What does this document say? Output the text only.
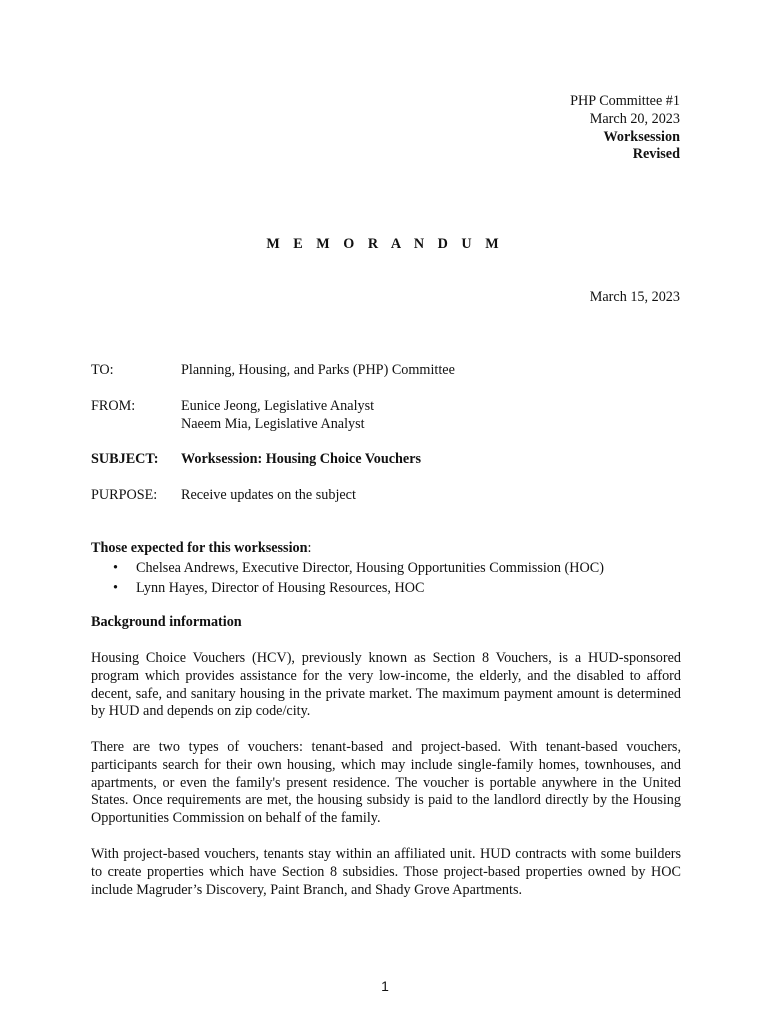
PHP Committee #1
March 20, 2023
Worksession
Revised
M E M O R A N D U M
March 15, 2023
TO:	Planning, Housing, and Parks (PHP) Committee
FROM:	Eunice Jeong, Legislative Analyst
Naeem Mia, Legislative Analyst
SUBJECT: Worksession: Housing Choice Vouchers
PURPOSE: Receive updates on the subject
Those expected for this worksession:
• Chelsea Andrews, Executive Director, Housing Opportunities Commission (HOC)
• Lynn Hayes, Director of Housing Resources, HOC
Background information
Housing Choice Vouchers (HCV), previously known as Section 8 Vouchers, is a HUD-sponsored program which provides assistance for the very low-income, the elderly, and the disabled to afford decent, safe, and sanitary housing in the private market. The maximum payment amount is determined by HUD and depends on zip code/city.
There are two types of vouchers: tenant-based and project-based. With tenant-based vouchers, participants search for their own housing, which may include single-family homes, townhouses, and apartments, or even the family's present residence. The voucher is portable anywhere in the United States. Once requirements are met, the housing subsidy is paid to the landlord directly by the Housing Opportunities Commission on behalf of the family.
With project-based vouchers, tenants stay within an affiliated unit. HUD contracts with some builders to create properties which have Section 8 subsidies. Those project-based properties owned by HOC include Magruder’s Discovery, Paint Branch, and Shady Grove Apartments.
1
